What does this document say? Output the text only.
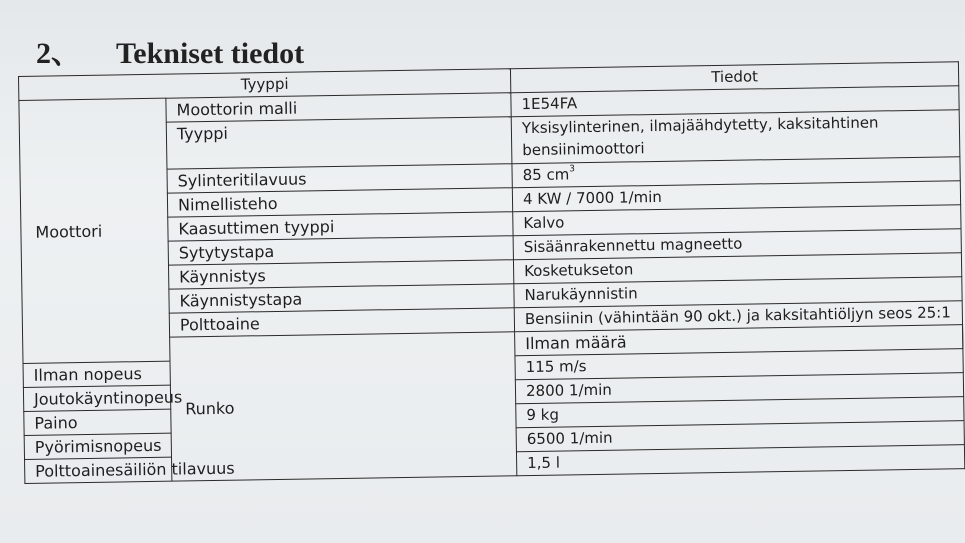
2、 Tekniset tiedot
Tyyppi		Tiedot	
Moottori	Moottorin malli	1E54FA	
	Tyyppi	Yksisylinterinen, ilmajäähdytetty, kaksitahtinen bensiinimoottori	
	Sylinteritilavuus	85 $cm^3$
	Nimellisteho	4 KW / 7000 1/min	
	Kaasuttimen tyyppi	Kalvo	
	Sytytystapa	Sisäänrakennettu magneetto	
	Käynnistys	Kosketukseton	
	Käynnistystapa	Narukäynnistin	
	Polttoaine	Bensiinin (vähintään 90 okt.) ja kaksitahtiöljyn seos 25:1	
	Runko	Ilman määrä	
Ilman nopeus		115 m/s	
Joutokäyntinopeus		2800 1/min	
Paino		9 kg	
Pyörimisnopeus		6500 1/min	
Polttoainesäiliön tilavuus		1,5 l	
